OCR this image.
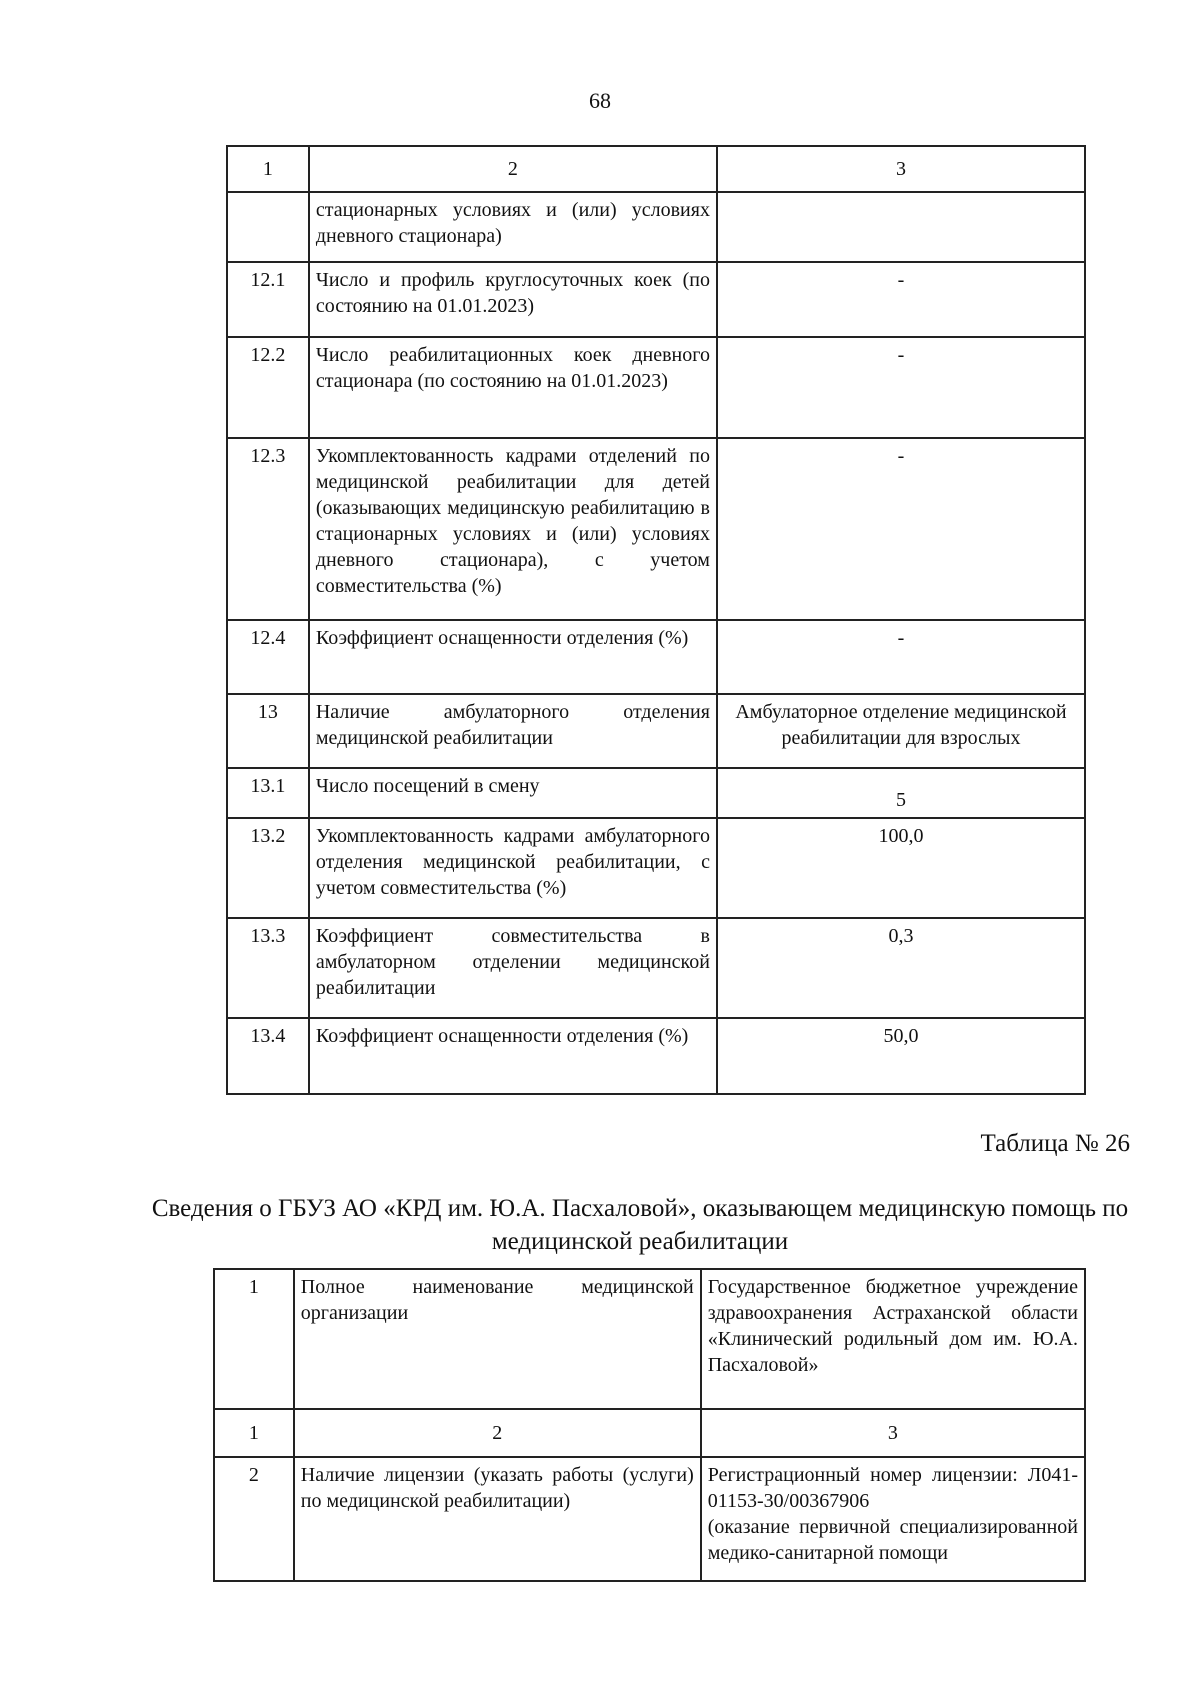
68
1	2	3
	стационарных условиях и (или) условиях дневного стационара)	
12.1	Число и профиль круглосуточных коек (по состоянию на 01.01.2023)	-
12.2	Число реабилитационных коек дневного стационара (по состоянию на 01.01.2023)	-
12.3	Укомплектованность кадрами отделений по медицинской реабилитации для детей (оказывающих медицинскую реабилитацию в стационарных условиях и (или) условиях дневного стационара), с учетом совместительства (%)	-
12.4	Коэффициент оснащенности отделения (%)	-
13	Наличие амбулаторного отделения медицинской реабилитации	Амбулаторное отделение медицинской реабилитации для взрослых
13.1	Число посещений в смену	5
13.2	Укомплектованность кадрами амбулаторного отделения медицинской реабилитации, с учетом совместительства (%)	100,0
13.3	Коэффициент совместительства в амбулаторном отделении медицинской реабилитации	0,3
13.4	Коэффициент оснащенности отделения (%)	50,0
Таблица № 26
Сведения о ГБУЗ АО «КРД им. Ю.А. Пасхаловой», оказывающем медицинскую помощь по медицинской реабилитации
1	Полное наименование медицинской организации	Государственное бюджетное учреждение здравоохранения Астраханской области «Клинический родильный дом им. Ю.А. Пасхаловой»
1	2	3
2	Наличие лицензии (указать работы (услуги) по медицинской реабилитации)	Регистрационный номер лицензии: Л041-01153-30/00367906
(оказание первичной специализированной медико-санитарной помощи
